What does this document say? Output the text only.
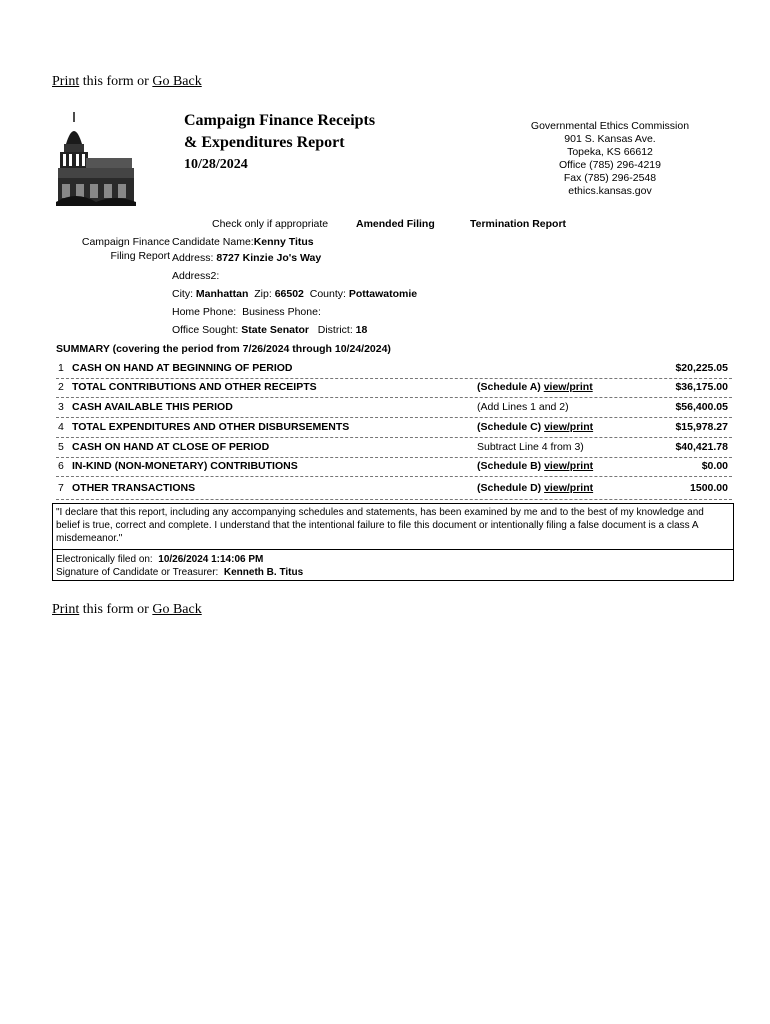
Print this form or Go Back
Campaign Finance Receipts
& Expenditures Report
10/28/2024
Governmental Ethics Commission
901 S. Kansas Ave.
Topeka, KS 66612
Office (785) 296-4219
Fax (785) 296-2548
ethics.kansas.gov
Check only if appropriate	Amended Filing	Termination Report
Campaign Finance
Filing Report
Candidate Name:Kenny Titus
Address: 8727 Kinzie Jo's Way
Address2:
City: Manhattan Zip: 66502 County: Pottawatomie
Home Phone: Business Phone:
Office Sought: State Senator District: 18
SUMMARY (covering the period from 7/26/2024 through 10/24/2024)
1 CASH ON HAND AT BEGINNING OF PERIOD	$20,225.05
2 TOTAL CONTRIBUTIONS AND OTHER RECEIPTS	(Schedule A) view/print	$36,175.00
3 CASH AVAILABLE THIS PERIOD	(Add Lines 1 and 2)	$56,400.05
4 TOTAL EXPENDITURES AND OTHER DISBURSEMENTS	(Schedule C) view/print	$15,978.27
5 CASH ON HAND AT CLOSE OF PERIOD	Subtract Line 4 from 3)	$40,421.78
6 IN-KIND (NON-MONETARY) CONTRIBUTIONS	(Schedule B) view/print	$0.00
7 OTHER TRANSACTIONS	(Schedule D) view/print	1500.00
"I declare that this report, including any accompanying schedules and statements, has been examined by me and to the best of my knowledge and belief is true, correct and complete. I understand that the intentional failure to file this document or intentionally filing a false document is a class A misdemeanor."
Electronically filed on: 10/26/2024 1:14:06 PM
Signature of Candidate or Treasurer: Kenneth B. Titus
Print this form or Go Back
